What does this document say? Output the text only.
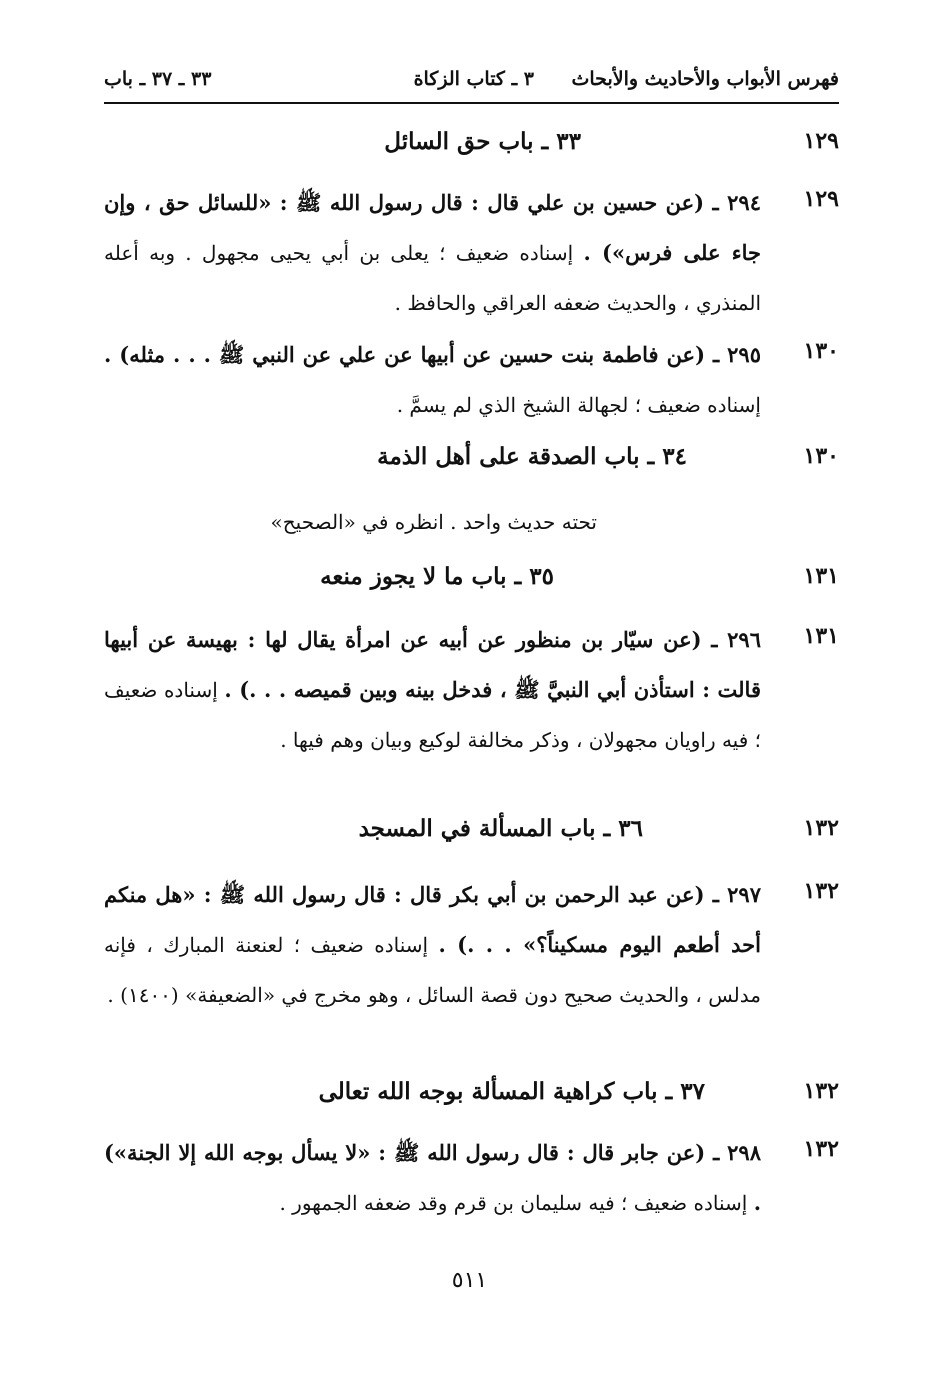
فهرس الأبواب والأحاديث والأبحاث
٣ ـ كتاب الزكاة
٣٣ ـ ٣٧ ـ باب
١٢٩
٣٣ ـ باب حق السائل
١٢٩
٢٩٤ ـ (عن حسين بن علي قال : قال رسول الله ﷺ : «للسائل حق ، وإن جاء على فرس») . إسناده ضعيف ؛ يعلى بن أبي يحيى مجهول . وبه أعله المنذري ، والحديث ضعفه العراقي والحافظ .
١٣٠
٢٩٥ ـ (عن فاطمة بنت حسين عن أبيها عن علي عن النبي ﷺ . . . مثله) . إسناده ضعيف ؛ لجهالة الشيخ الذي لم يسمَّ .
١٣٠
٣٤ ـ باب الصدقة على أهل الذمة
تحته حديث واحد . انظره في «الصحيح»
١٣١
٣٥ ـ باب ما لا يجوز منعه
١٣١
٢٩٦ ـ (عن سيّار بن منظور عن أبيه عن امرأة يقال لها : بهيسة عن أبيها قالت : استأذن أبي النبيَّ ﷺ ، فدخل بينه وبين قميصه . . .) . إسناده ضعيف ؛ فيه راويان مجهولان ، وذكر مخالفة لوكيع وبيان وهم فيها .
١٣٢
٣٦ ـ باب المسألة في المسجد
١٣٢
٢٩٧ ـ (عن عبد الرحمن بن أبي بكر قال : قال رسول الله ﷺ : «هل منكم أحد أطعم اليوم مسكيناً؟» . . .) . إسناده ضعيف ؛ لعنعنة المبارك ، فإنه مدلس ، والحديث صحيح دون قصة السائل ، وهو مخرج في «الضعيفة» (١٤٠٠) .
١٣٢
٣٧ ـ باب كراهية المسألة بوجه الله تعالى
١٣٢
٢٩٨ ـ (عن جابر قال : قال رسول الله ﷺ : «لا يسأل بوجه الله إلا الجنة») . إسناده ضعيف ؛ فيه سليمان بن قرم وقد ضعفه الجمهور .
٥١١
